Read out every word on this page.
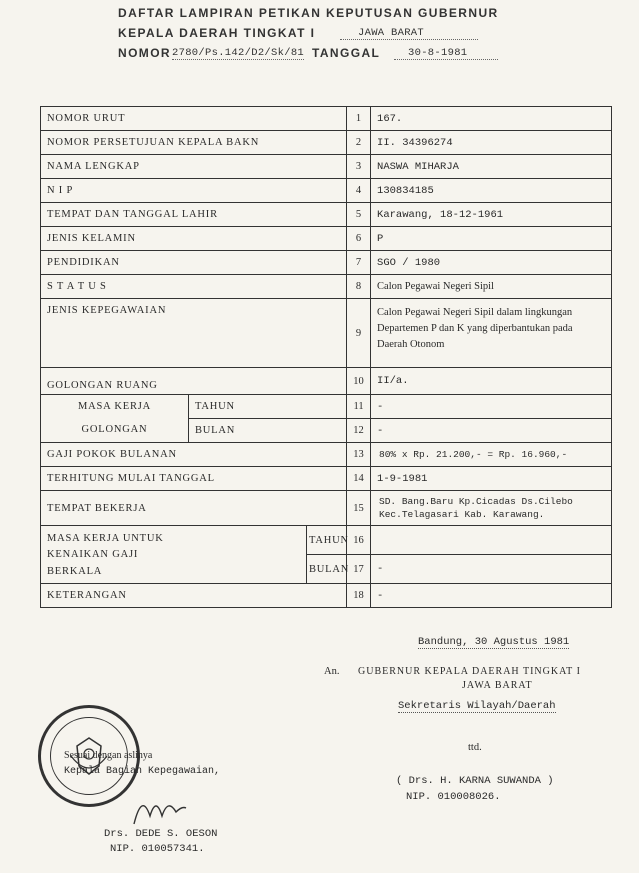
DAFTAR LAMPIRAN PETIKAN KEPUTUSAN GUBERNUR
KEPALA DAERAH TINGKAT I	JAWA BARAT
NOMOR 2780/Ps.142/D2/Sk/81 TANGGAL	30-8-1981
NOMOR URUT			1	167.
NOMOR PERSETUJUAN KEPALA BAKN			2	II. 34396274
NAMA LENGKAP			3	NASWA MIHARJA
N I P			4	130834185
TEMPAT DAN TANGGAL LAHIR			5	Karawang, 18-12-1961
JENIS KELAMIN			6	P
PENDIDIKAN			7	SGO / 1980
S T A T U S			8	Calon Pegawai Negeri Sipil
JENIS KEPEGAWAIAN			9	Calon Pegawai Negeri Sipil dalam lingkungan Departemen P dan K yang diperbantukan pada Daerah Otonom
GOLONGAN RUANG			10	II/a.

MASA KERJA
GOLONGAN	TAHUN		11	-
	BULAN		12	-
GAJI POKOK BULANAN			13	80% x Rp. 21.200,- = Rp. 16.960,-
TERHITUNG MULAI TANGGAL			14	1-9-1981
TEMPAT BEKERJA			15	SD. Bang.Baru Kp.Cicadas Ds.Cilebo Kec.Telagasari Kab. Karawang.

MASA KERJA UNTUK
KENAIKAN GAJI
BERKALA		TAHUN	16	
		BULAN	17	-
KETERANGAN			18	-
Bandung, 30 Agustus 1981
An. GUBERNUR KEPALA DAERAH TINGKAT I
JAWA BARAT
Sekretaris Wilayah/Daerah
ttd.
( Drs. H. KARNA SUWANDA )
NIP. 010008026.
Sesuai dengan aslinya
Kepala Bagian Kepegawaian,
Drs. DEDE S. OESON
NIP. 010057341.
